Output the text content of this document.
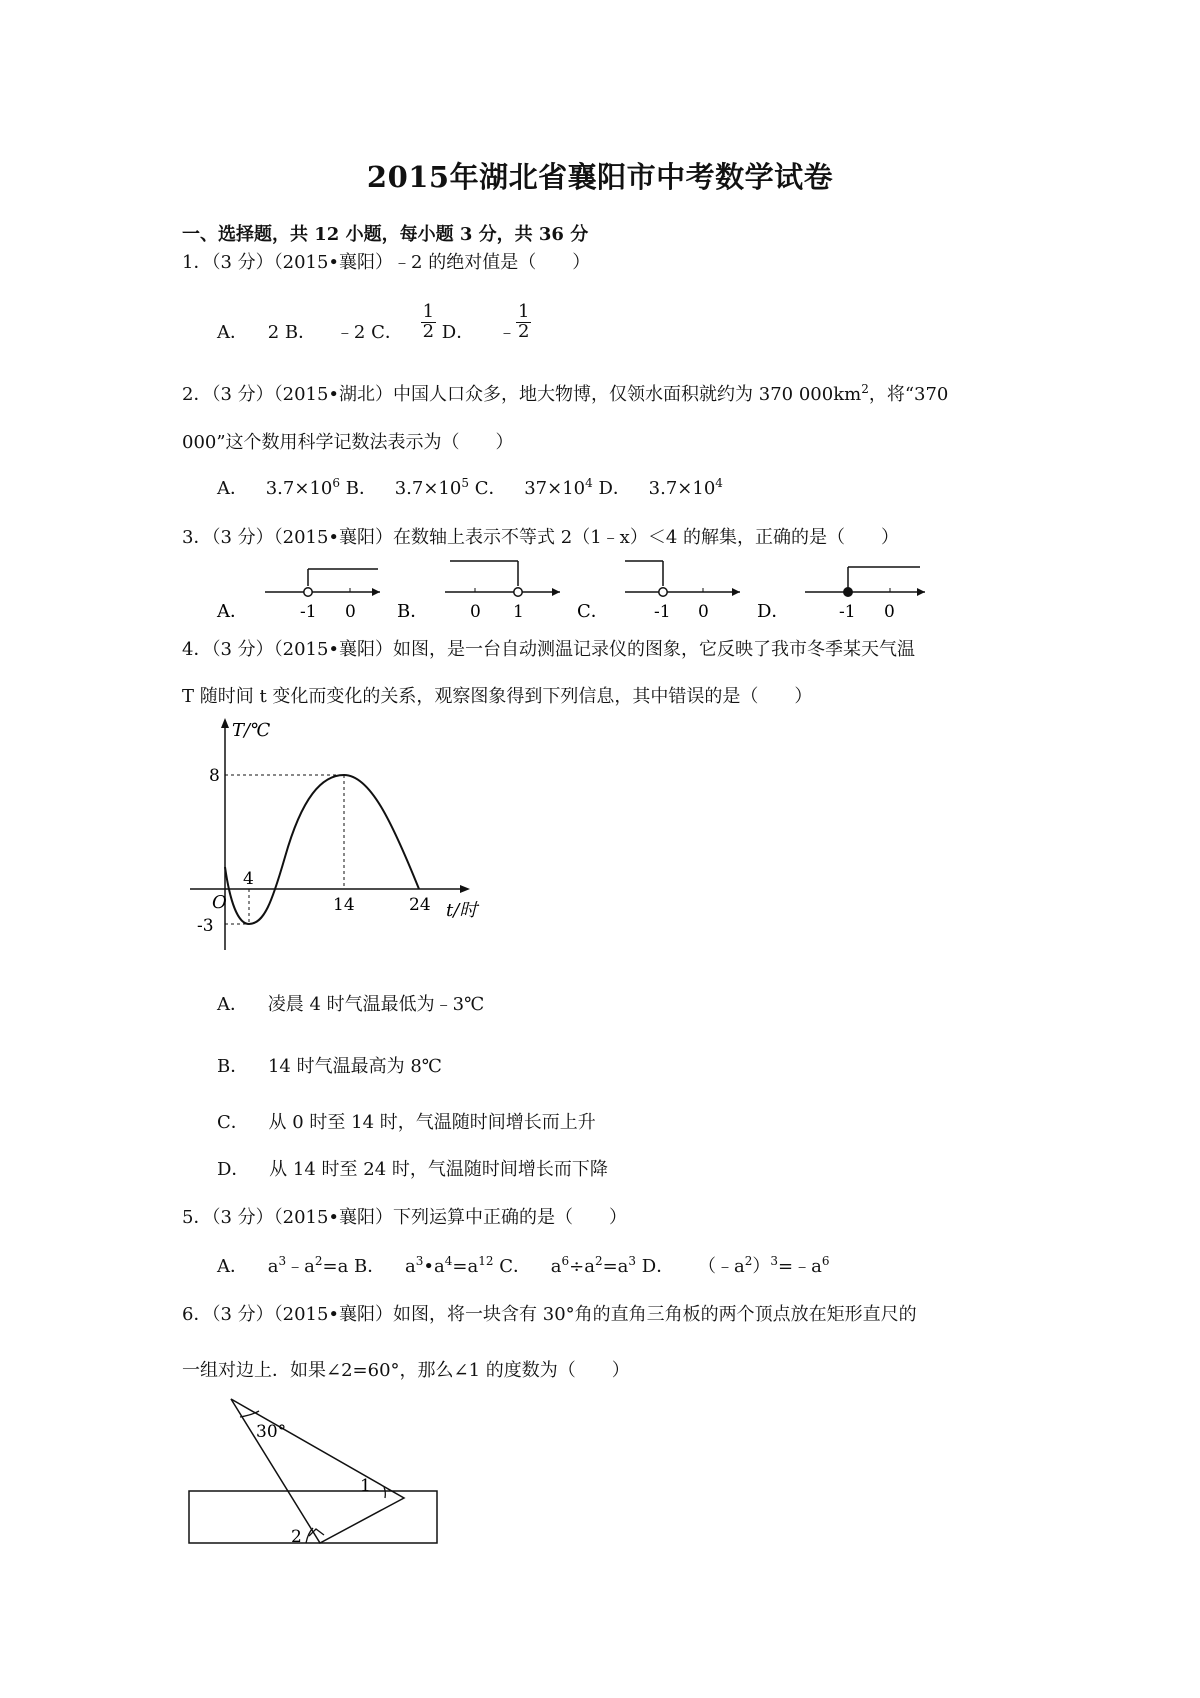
2015年湖北省襄阳市中考数学试卷
一、选择题，共 12 小题，每小题 3 分，共 36 分
1．（3 分）（2015•襄阳）﹣2 的绝对值是（　　）
A． 2 B． ﹣2 C． $\frac{1}{2}$ D． ﹣ $\frac{1}{2}$
2．（3 分）（2015•湖北）中国人口众多，地大物博，仅领水面积就约为 370 $000km^2$，将“370
000”这个数用科学记数法表示为（　　）
A． $3.7\times 10^6$ B． $3.7\times 10^5$ C． $37\times 10^4$ D． $3.7\times 10^4$
3．（3 分）（2015•襄阳）在数轴上表示不等式 2（1﹣x）＜4 的解集，正确的是（　　）
A．	B．	C．	D．
-1 0	0 1	-1 0	-1 0
4．（3 分）（2015•襄阳）如图，是一台自动测温记录仪的图象，它反映了我市冬季某天气温
T 随时间 t 变化而变化的关系，观察图象得到下列信息，其中错误的是（　　）
T/℃
t/时
O
4
14	24
8
-3
A． 凌晨 4 时气温最低为﹣3℃
B． 14 时气温最高为 8℃
C． 从 0 时至 14 时，气温随时间增长而上升
D． 从 14 时至 24 时，气温随时间增长而下降
5．（3 分）（2015•襄阳）下列运算中正确的是（　　）
A． $a^3﹣a^2=a$ B． $a^3•a^4=a^{12}$ C． $a^6\div a^2=a^3$ D． $(﹣a^2)^3=﹣a^6$
6．（3 分）（2015•襄阳）如图，将一块含有 30°角的直角三角板的两个顶点放在矩形直尺的
一组对边上．如果∠2=60°，那么∠1 的度数为（　　）
30°
1
2
